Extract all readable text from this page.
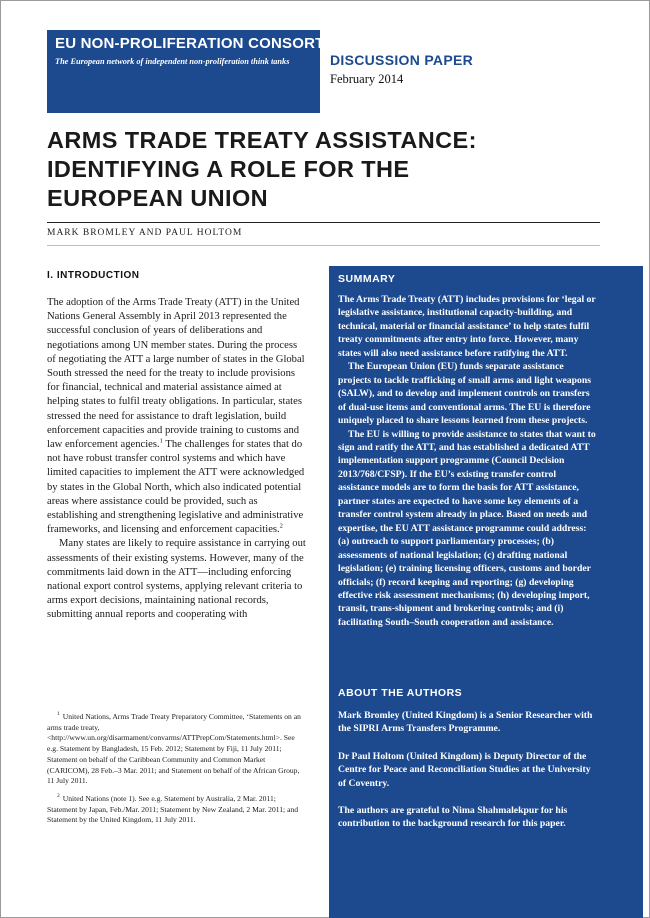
EU NON-PROLIFERATION CONSORTIUM
The European network of independent non-proliferation think tanks	DISCUSSION PAPER
February 2014
ARMS TRADE TREATY ASSISTANCE:
IDENTIFYING A ROLE FOR THE
EUROPEAN UNION
MARK BROMLEY AND PAUL HOLTOM
I. INTRODUCTION

The adoption of the Arms Trade Treaty (ATT) in the United Nations General Assembly in April 2013 represented the successful conclusion of years of deliberations and negotiations among UN member states. During the process of negotiating the ATT a large number of states in the Global South stressed the need for the treaty to include provisions for financial, technical and material assistance aimed at helping states to fulfil treaty obligations. In particular, states stressed the need for assistance to draft legislation, build enforcement capacities and provide training to customs and law enforcement agencies.$^1$ The challenges for states that do not have robust transfer control systems and which have limited capacities to implement the ATT were acknowledged by states in the Global North, which also indicated potential areas where assistance could be provided, such as establishing and strengthening legislative and administrative frameworks, and licensing and enforcement capacities.$^2$

Many states are likely to require assistance in carrying out assessments of their existing systems. However, many of the commitments laid down in the ATT—including enforcing national export control systems, applying relevant criteria to arms export decisions, maintaining national records, submitting annual reports and cooperating with

$^1$ United Nations, Arms Trade Treaty Preparatory Committee, ‘Statements on an arms trade treaty, <http://www.un.org/disarmament/convarms/ATTPrepCom/Statements.html>. See e.g. Statement by Bangladesh, 15 Feb. 2012; Statement by Fiji, 11 July 2011; Statement on behalf of the Caribbean Community and Common Market (CARICOM), 28 Feb.–3 Mar. 2011; and Statement on behalf of the African Group, 11 July 2011.

$^2$ United Nations (note 1). See e.g. Statement by Australia, 2 Mar. 2011; Statement by Japan, Feb./Mar. 2011; Statement by New Zealand, 2 Mar. 2011; and Statement by the United Kingdom, 11 July 2011.

SUMMARY

The Arms Trade Treaty (ATT) includes provisions for ‘legal or legislative assistance, institutional capacity-building, and technical, material or financial assistance’ to help states fulfil treaty commitments after entry into force. However, many states will also need assistance before ratifying the ATT.

The European Union (EU) funds separate assistance projects to tackle trafficking of small arms and light weapons (SALW), and to develop and implement controls on transfers of dual-use items and conventional arms. The EU is therefore uniquely placed to share lessons learned from these projects.

The EU is willing to provide assistance to states that want to sign and ratify the ATT, and has established a dedicated ATT implementation support programme (Council Decision 2013/768/CFSP). If the EU’s existing transfer control assistance models are to form the basis for ATT assistance, partner states are expected to have some key elements of a transfer control system already in place. Based on needs and expertise, the EU ATT assistance programme could address: (a) outreach to support parliamentary processes; (b) assessments of national legislation; (c) drafting national legislation; (e) training licensing officers, customs and border officials; (f) record keeping and reporting; (g) developing effective risk assessment mechanisms; (h) developing import, transit, trans-shipment and brokering controls; and (i) facilitating South–South cooperation and assistance.

ABOUT THE AUTHORS

Mark Bromley (United Kingdom) is a Senior Researcher with the SIPRI Arms Transfers Programme.

Dr Paul Holtom (United Kingdom) is Deputy Director of the Centre for Peace and Reconciliation Studies at the University of Coventry.

The authors are grateful to Nima Shahmalekpur for his contribution to the background research for this paper.
